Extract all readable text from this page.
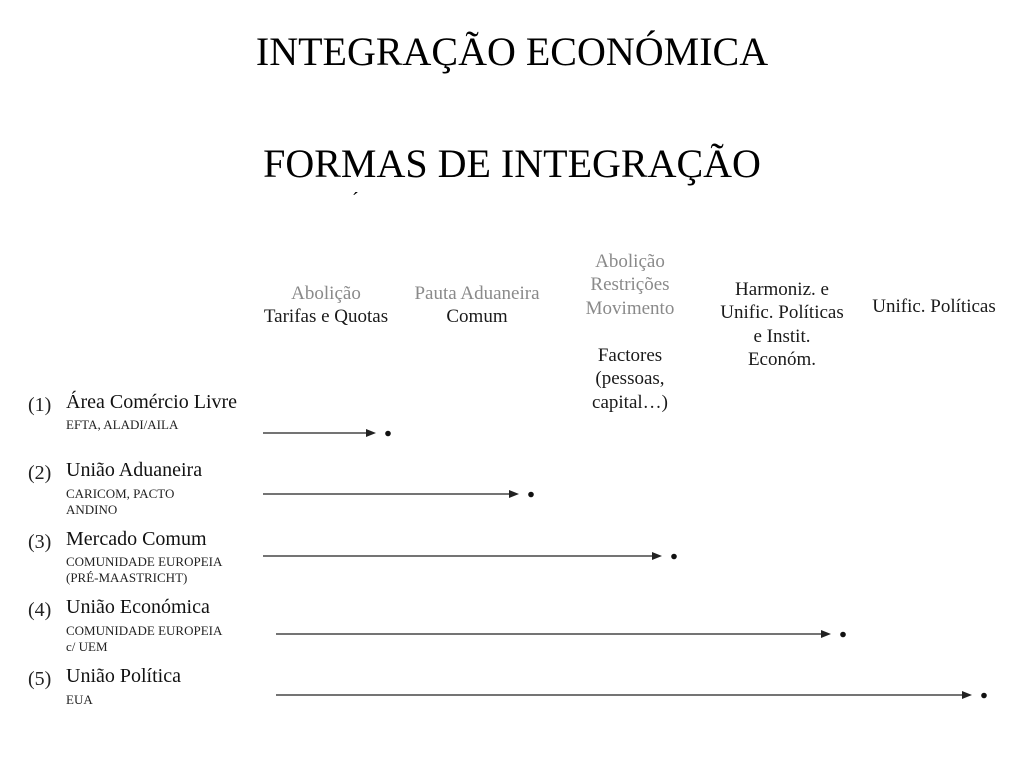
INTEGRAÇÃO ECONÓMICA
FORMAS DE INTEGRAÇÃO
´
Abolição
Tarifas e Quotas
Pauta Aduaneira
Comum

Abolição
Restrições
Movimento

Factores
(pessoas,
capital…)

Harmoniz. e
Unific. Políticas
e Instit.
Económ.

Unific. Políticas
(1) Área Comércio Livre
EFTA, ALADI/AILA
(2) União Aduaneira
CARICOM, PACTO
ANDINO
(3) Mercado Comum
COMUNIDADE EUROPEIA
(PRÉ-MAASTRICHT)
(4) União Económica
COMUNIDADE EUROPEIA
c/ UEM
(5) União Política
EUA
